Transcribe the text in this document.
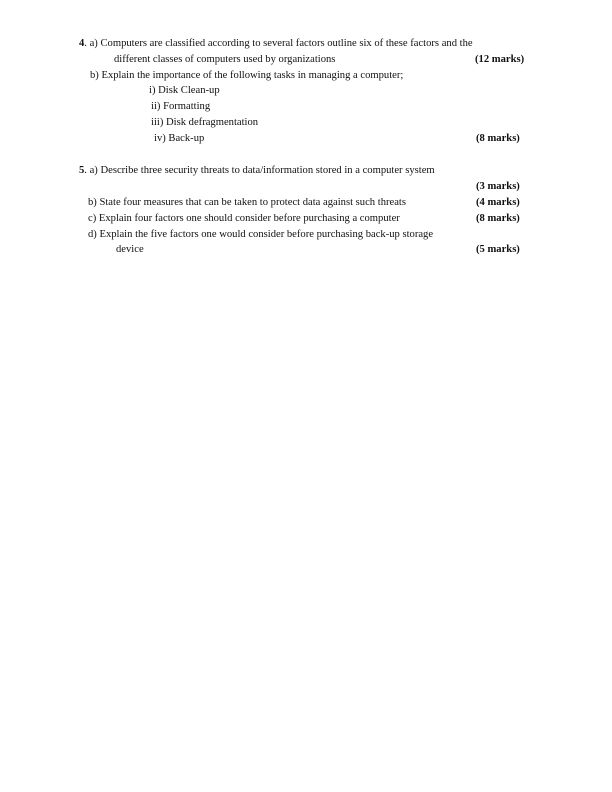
4. a) Computers are classified according to several factors outline six of these factors and the
different classes of computers used by organizations	(12 marks)
b) Explain the importance of the following tasks in managing a computer;
i) Disk Clean-up
ii) Formatting
iii) Disk defragmentation
iv) Back-up	(8 marks)
5. a) Describe three security threats to data/information stored in a computer system
(3 marks)
b) State four measures that can be taken to protect data against such threats	(4 marks)
c) Explain four factors one should consider before purchasing a computer	(8 marks)
d) Explain the five factors one would consider before purchasing back-up storage
device	(5 marks)
